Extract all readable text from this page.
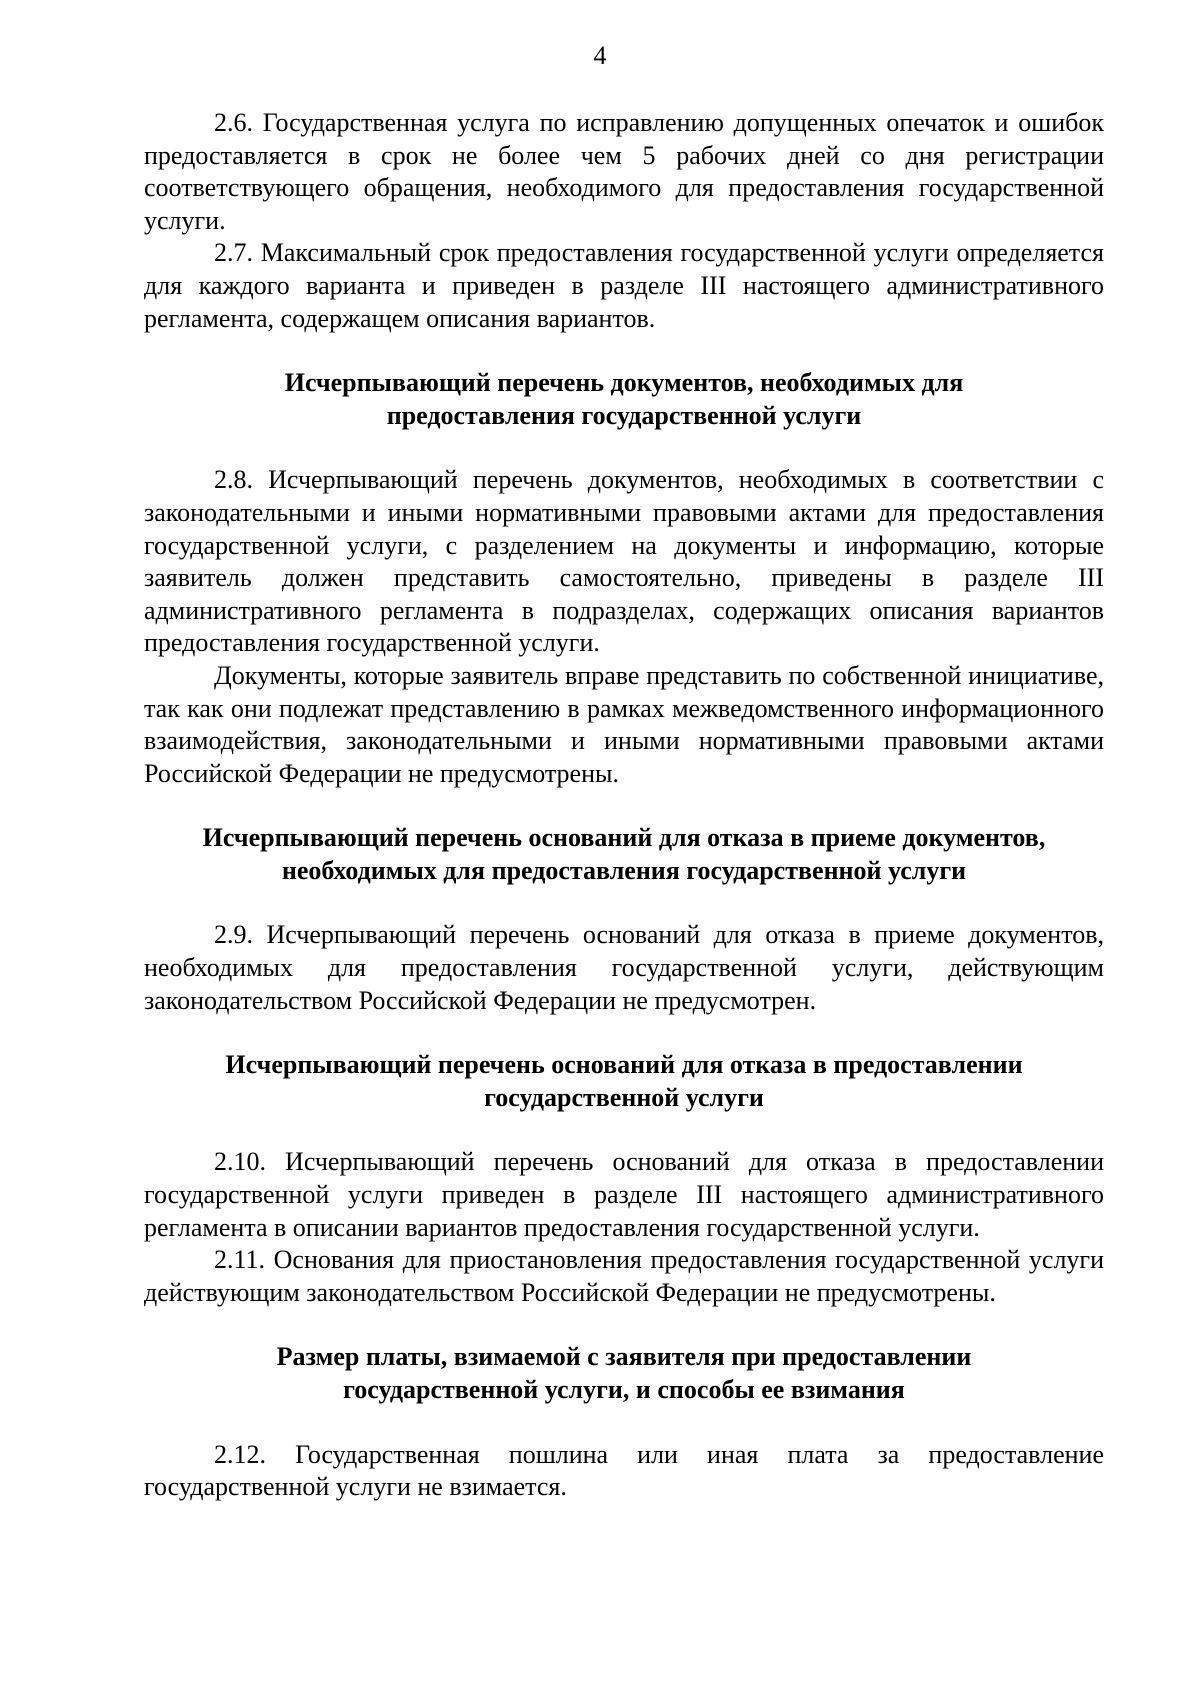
4

2.6. Государственная услуга по исправлению допущенных опечаток и ошибок предоставляется в срок не более чем 5 рабочих дней со дня регистрации соответствующего обращения, необходимого для предоставления государственной услуги.

2.7. Максимальный срок предоставления государственной услуги определяется для каждого варианта и приведен в разделе III настоящего административного регламента, содержащем описания вариантов.

Исчерпывающий перечень документов, необходимых для
предоставления государственной услуги

2.8. Исчерпывающий перечень документов, необходимых в соответствии с законодательными и иными нормативными правовыми актами для предоставления государственной услуги, с разделением на документы и информацию, которые заявитель должен представить самостоятельно, приведены в разделе III административного регламента в подразделах, содержащих описания вариантов предоставления государственной услуги.

Документы, которые заявитель вправе представить по собственной инициативе, так как они подлежат представлению в рамках межведомственного информационного взаимодействия, законодательными и иными нормативными правовыми актами Российской Федерации не предусмотрены.

Исчерпывающий перечень оснований для отказа в приеме документов,
необходимых для предоставления государственной услуги

2.9. Исчерпывающий перечень оснований для отказа в приеме документов, необходимых для предоставления государственной услуги, действующим законодательством Российской Федерации не предусмотрен.

Исчерпывающий перечень оснований для отказа в предоставлении
государственной услуги

2.10. Исчерпывающий перечень оснований для отказа в предоставлении государственной услуги приведен в разделе III настоящего административного регламента в описании вариантов предоставления государственной услуги.

2.11. Основания для приостановления предоставления государственной услуги действующим законодательством Российской Федерации не предусмотрены.

Размер платы, взимаемой с заявителя при предоставлении
государственной услуги, и способы ее взимания

2.12. Государственная пошлина или иная плата за предоставление государственной услуги не взимается.
